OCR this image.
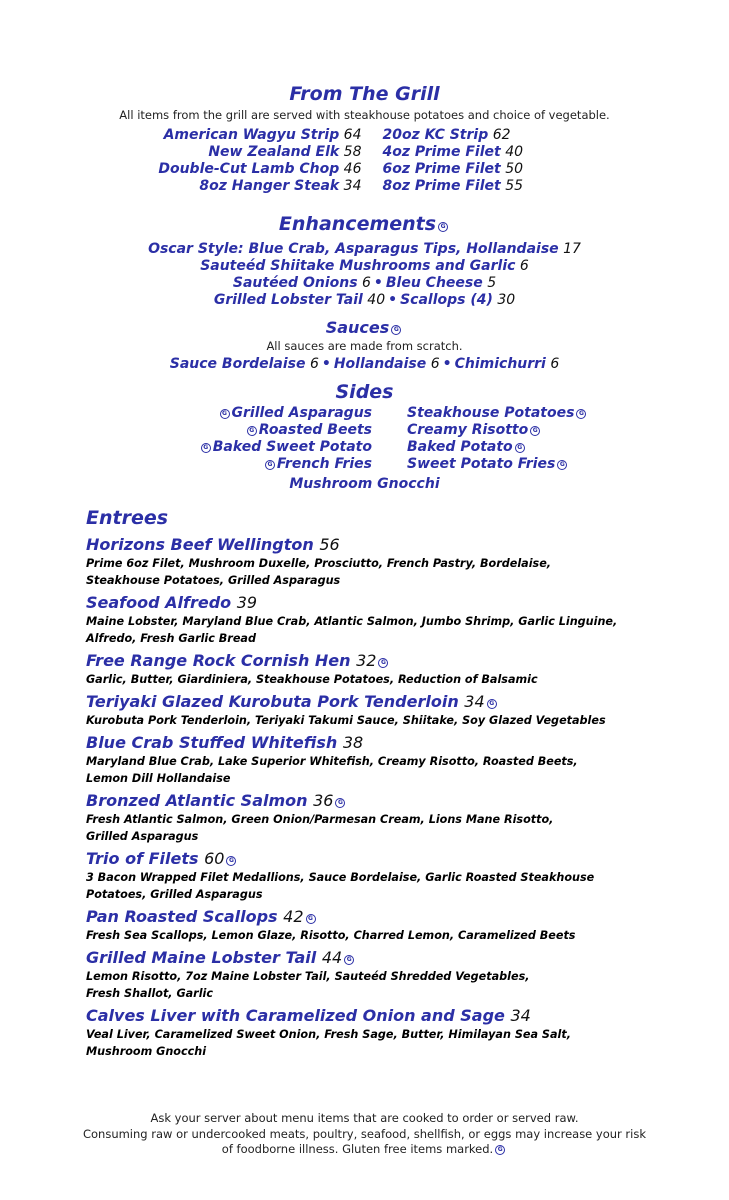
From The Grill
All items from the grill are served with steakhouse potatoes and choice of vegetable.
American Wagyu Strip 64
New Zealand Elk 58
Double-Cut Lamb Chop 46
8oz Hanger Steak 34
20oz KC Strip 62
4oz Prime Filet 40
6oz Prime Filet 50
8oz Prime Filet 55
Enhancements G
Oscar Style: Blue Crab, Asparagus Tips, Hollandaise 17
Sauteéd Shiitake Mushrooms and Garlic 6
Sautéed Onions 6 • Bleu Cheese 5
Grilled Lobster Tail 40 • Scallops (4) 30
Sauces G
All sauces are made from scratch.
Sauce Bordelaise 6 • Hollandaise 6 • Chimichurri 6
Sides
G Grilled Asparagus
G Roasted Beets
G Baked Sweet Potato
G French Fries
Steakhouse Potatoes G
Creamy Risotto G
Baked Potato G
Sweet Potato Fries G
Mushroom Gnocchi
Entrees
Horizons Beef Wellington 56
Prime 6oz Filet, Mushroom Duxelle, Prosciutto, French Pastry, Bordelaise,
Steakhouse Potatoes, Grilled Asparagus
Seafood Alfredo 39
Maine Lobster, Maryland Blue Crab, Atlantic Salmon, Jumbo Shrimp, Garlic Linguine,
Alfredo, Fresh Garlic Bread
Free Range Rock Cornish Hen 32 G
Garlic, Butter, Giardiniera, Steakhouse Potatoes, Reduction of Balsamic
Teriyaki Glazed Kurobuta Pork Tenderloin 34 G
Kurobuta Pork Tenderloin, Teriyaki Takumi Sauce, Shiitake, Soy Glazed Vegetables
Blue Crab Stuffed Whitefish 38
Maryland Blue Crab, Lake Superior Whitefish, Creamy Risotto, Roasted Beets,
Lemon Dill Hollandaise
Bronzed Atlantic Salmon 36 G
Fresh Atlantic Salmon, Green Onion/Parmesan Cream, Lions Mane Risotto,
Grilled Asparagus
Trio of Filets 60 G
3 Bacon Wrapped Filet Medallions, Sauce Bordelaise, Garlic Roasted Steakhouse
Potatoes, Grilled Asparagus
Pan Roasted Scallops 42 G
Fresh Sea Scallops, Lemon Glaze, Risotto, Charred Lemon, Caramelized Beets
Grilled Maine Lobster Tail 44 G
Lemon Risotto, 7oz Maine Lobster Tail, Sauteéd Shredded Vegetables,
Fresh Shallot, Garlic
Calves Liver with Caramelized Onion and Sage 34
Veal Liver, Caramelized Sweet Onion, Fresh Sage, Butter, Himilayan Sea Salt,
Mushroom Gnocchi
Ask your server about menu items that are cooked to order or served raw.
Consuming raw or undercooked meats, poultry, seafood, shellfish, or eggs may increase your risk
of foodborne illness. Gluten free items marked. G
